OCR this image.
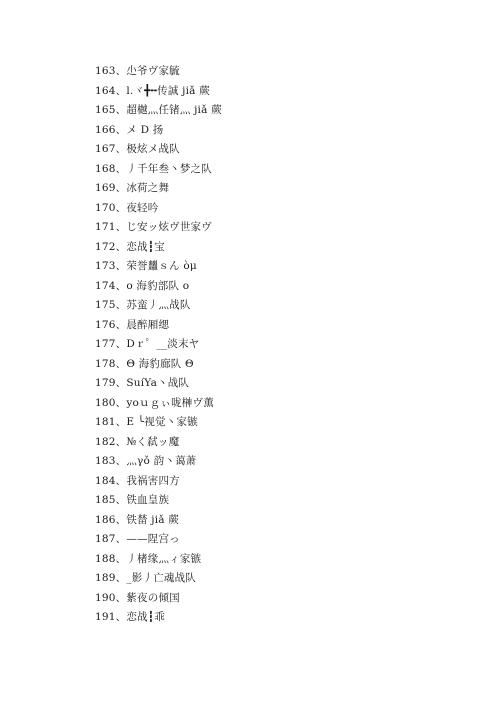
163、尐爷ヴ家毓
164、l.ヾ╋╍传誠 jiǎ 蕨
165、超樾灬任锗灬 jiǎ 蕨
166、メ D 扬
167、极炫メ战队
168、丿千年叁丶梦之队
169、冰荷之舞
170、夜轻吟
171、じ安ッ炫ヴ世家ヴ
172、恋战┇宝
173、荣誉蠿ｓん òμ
174、o 海豹部队 o
175、苏蛮丿灬战队
176、晨醉厢缌
177、Dｒ゜__淡末ヤ
178、Θ 海豹廊队 Θ
179、SuíYa丶战队
180、yoｕｇぃ咙榊ヴ薫
181、E ╰视觉丶家镞
182、№く弑ッ魔
183、灬γǒ 韵丶蔼萧
184、我祸害四方
185、铁血皇族
186、铁榃 jiǎ 蕨
187、——陧宫っ
188、丿楮缘灬ィ家镞
189、_影丿亡魂战队
190、紫夜の倾国
191、恋战┇乖
